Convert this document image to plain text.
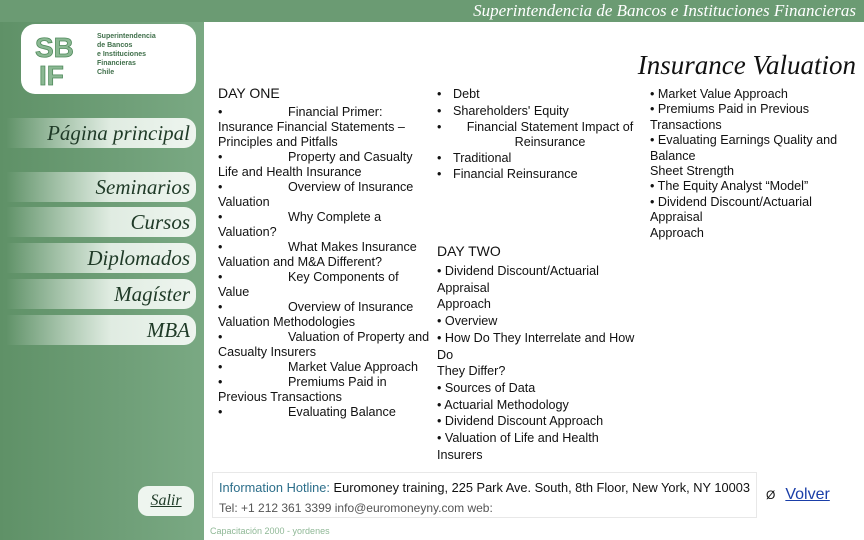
SB
IF
Superintendencia
de Bancos
e Instituciones
Financieras
Chile
Página principal
Seminarios
Cursos
Diplomados
Magíster
MBA
Salir
Superintendencia de Bancos e Instituciones Financieras
Insurance Valuation
DAY ONE
•	Financial Primer: Insurance Financial Statements – Principles and Pitfalls
•	Property and Casualty Life and Health Insurance
•	Overview of Insurance Valuation
•	Why Complete a Valuation?
•	What Makes Insurance Valuation and M&A Different?
•	Key Components of Value
•	Overview of Insurance Valuation Methodologies
•	Valuation of Property and Casualty Insurers
•	Market Value Approach
•	Premiums Paid in Previous Transactions
•	Evaluating Balance
• Debt
• Shareholders' Equity
•	Financial Statement Impact of Reinsurance
• Traditional
• Financial Reinsurance
DAY TWO
• Dividend Discount/Actuarial Appraisal
Approach
• Overview
• How Do They Interrelate and How Do
They Differ?
• Sources of Data
• Actuarial Methodology
• Dividend Discount Approach
• Valuation of Life and Health Insurers
• Market Value Approach
• Premiums Paid in Previous Transactions
• Evaluating Earnings Quality and Balance
Sheet Strength
• The Equity Analyst “Model”
• Dividend Discount/Actuarial Appraisal
Approach
Information Hotline: Euromoney training, 225 Park Ave. South, 8th Floor, New York, NY 10003
Tel: +1 212 361 3399 info@euromoneyny.com web:
Ø Volver
Capacitación 2000 - yordenes
